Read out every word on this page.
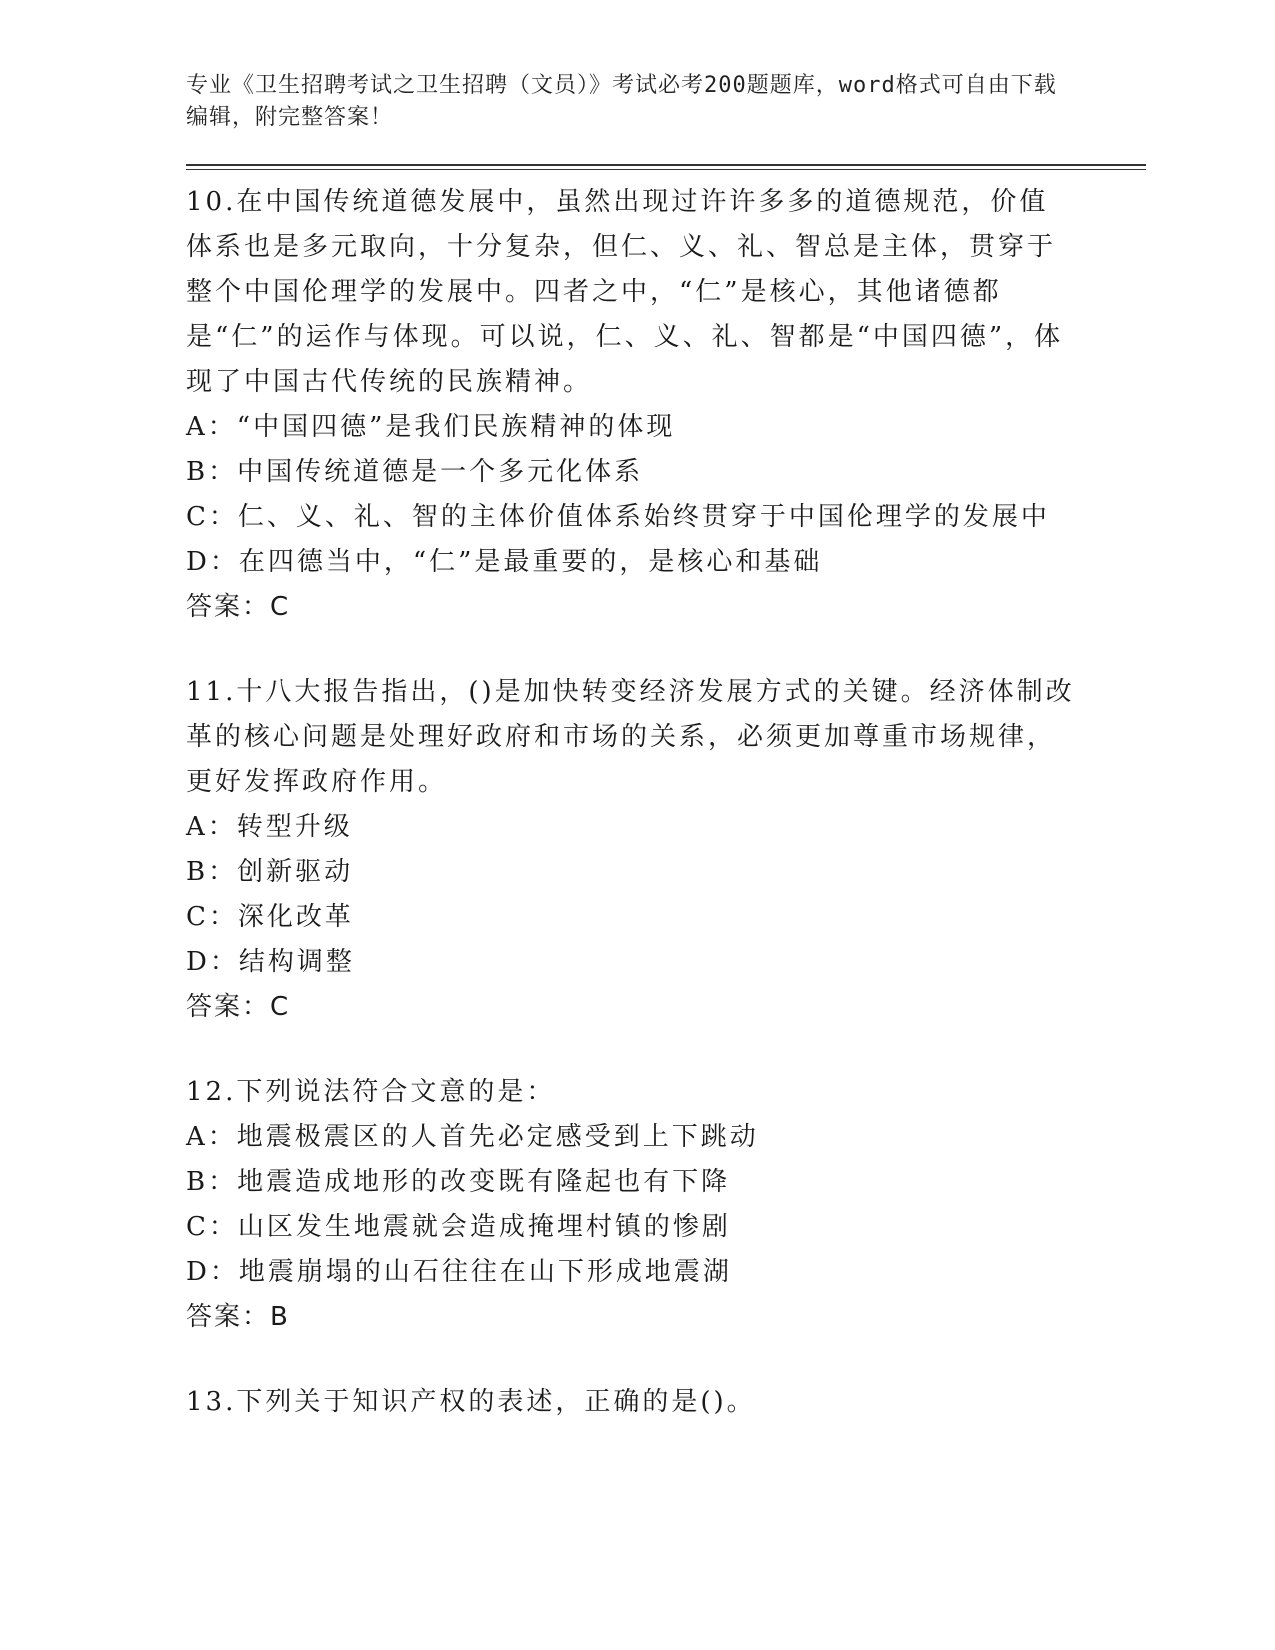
专业《卫生招聘考试之卫生招聘（文员）》考试必考200题题库，word格式可自由下载编辑，附完整答案！
10.在中国传统道德发展中，虽然出现过许许多多的道德规范，价值体系也是多元取向，十分复杂，但仁、义、礼、智总是主体，贯穿于整个中国伦理学的发展中。四者之中，“仁”是核心，其他诸德都是“仁”的运作与体现。可以说，仁、义、礼、智都是“中国四德”，体现了中国古代传统的民族精神。
A：“中国四德”是我们民族精神的体现
B：中国传统道德是一个多元化体系
C：仁、义、礼、智的主体价值体系始终贯穿于中国伦理学的发展中
D：在四德当中，“仁”是最重要的，是核心和基础
答案：C
11.十八大报告指出，()是加快转变经济发展方式的关键。经济体制改革的核心问题是处理好政府和市场的关系，必须更加尊重市场规律，更好发挥政府作用。
A：转型升级
B：创新驱动
C：深化改革
D：结构调整
答案：C
12.下列说法符合文意的是：
A：地震极震区的人首先必定感受到上下跳动
B：地震造成地形的改变既有隆起也有下降
C：山区发生地震就会造成掩埋村镇的惨剧
D：地震崩塌的山石往往在山下形成地震湖
答案：B
13.下列关于知识产权的表述，正确的是()。
